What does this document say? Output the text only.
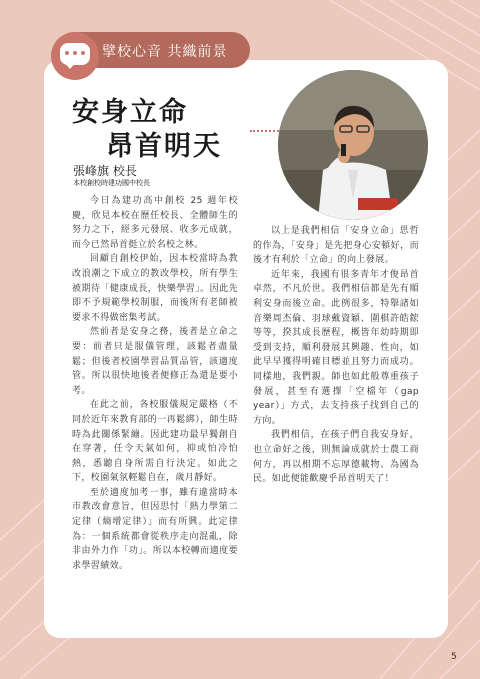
擘校心音 共織前景
安身立命
昂首明天
張峰旗 校長
本校創校時建功國中校長

今日為建功高中創校 25 週年校慶，欣見本校在歷任校長、全體師生的努力之下，經多元發展、收多元成就，而今已然昂首挺立於名校之林。

回顧自創校伊始，因本校當時為教改浪潮之下成立的教改學校，所有學生被期待「健康成長，快樂學習」。因此先即不予規範學校制服，而後所有老師被要求不得做密集考試。

然前者是安身之務，後者是立命之要：前者只是服儀管理，該鬆者盡量鬆；但後者校園學習品質品管，該適度管。所以很快地後者便修正為還是要小考。

在此之前，各校服儀規定嚴格（不同於近年來教育部的一再鬆綁），師生時時為此關係緊繃。因此建功最早獨創自在穿著，任令天氣如何，抑或怕冷怕熱，悉聽自身所需自行決定。如此之下，校園氣氛輕鬆自在，歲月靜好。

至於適度加考一事，雖有違當時本市教改會意旨，但因思忖「熱力學第二定律（熵增定律）」而有所興。此定律為：一個系統都會從秩序走向混亂，除非由外力作「功」。所以本校轉而適度要求學習績效。

以上是我們相信「安身立命」思哲的作為，「安身」是先把身心安頓好，而後才有利於「立命」的向上發展。

近年來，我國有很多青年才俊昂首卓然，不凡於世。我們相信都是先有順利安身而後立命。此例很多，特舉諸如音樂周杰倫、羽球戴資穎、圍棋許皓鋐等等，揆其成長歷程，概皆年幼時期即受到支持，順利發展其興趣、性向，如此早早獲得明確目標並且努力而成功。同樣地，我們親。師也如此般尊重孩子發展，甚至有選擇「空檔年（gap year）」方式，去支持孩子找到自己的方向。

我們相信，在孩子們自我安身好，也立命好之後，則無論成就於士農工商何方，再以相期不忘厚德載物、為國為民。如此便能歡慶乎昂首明天了！

5
